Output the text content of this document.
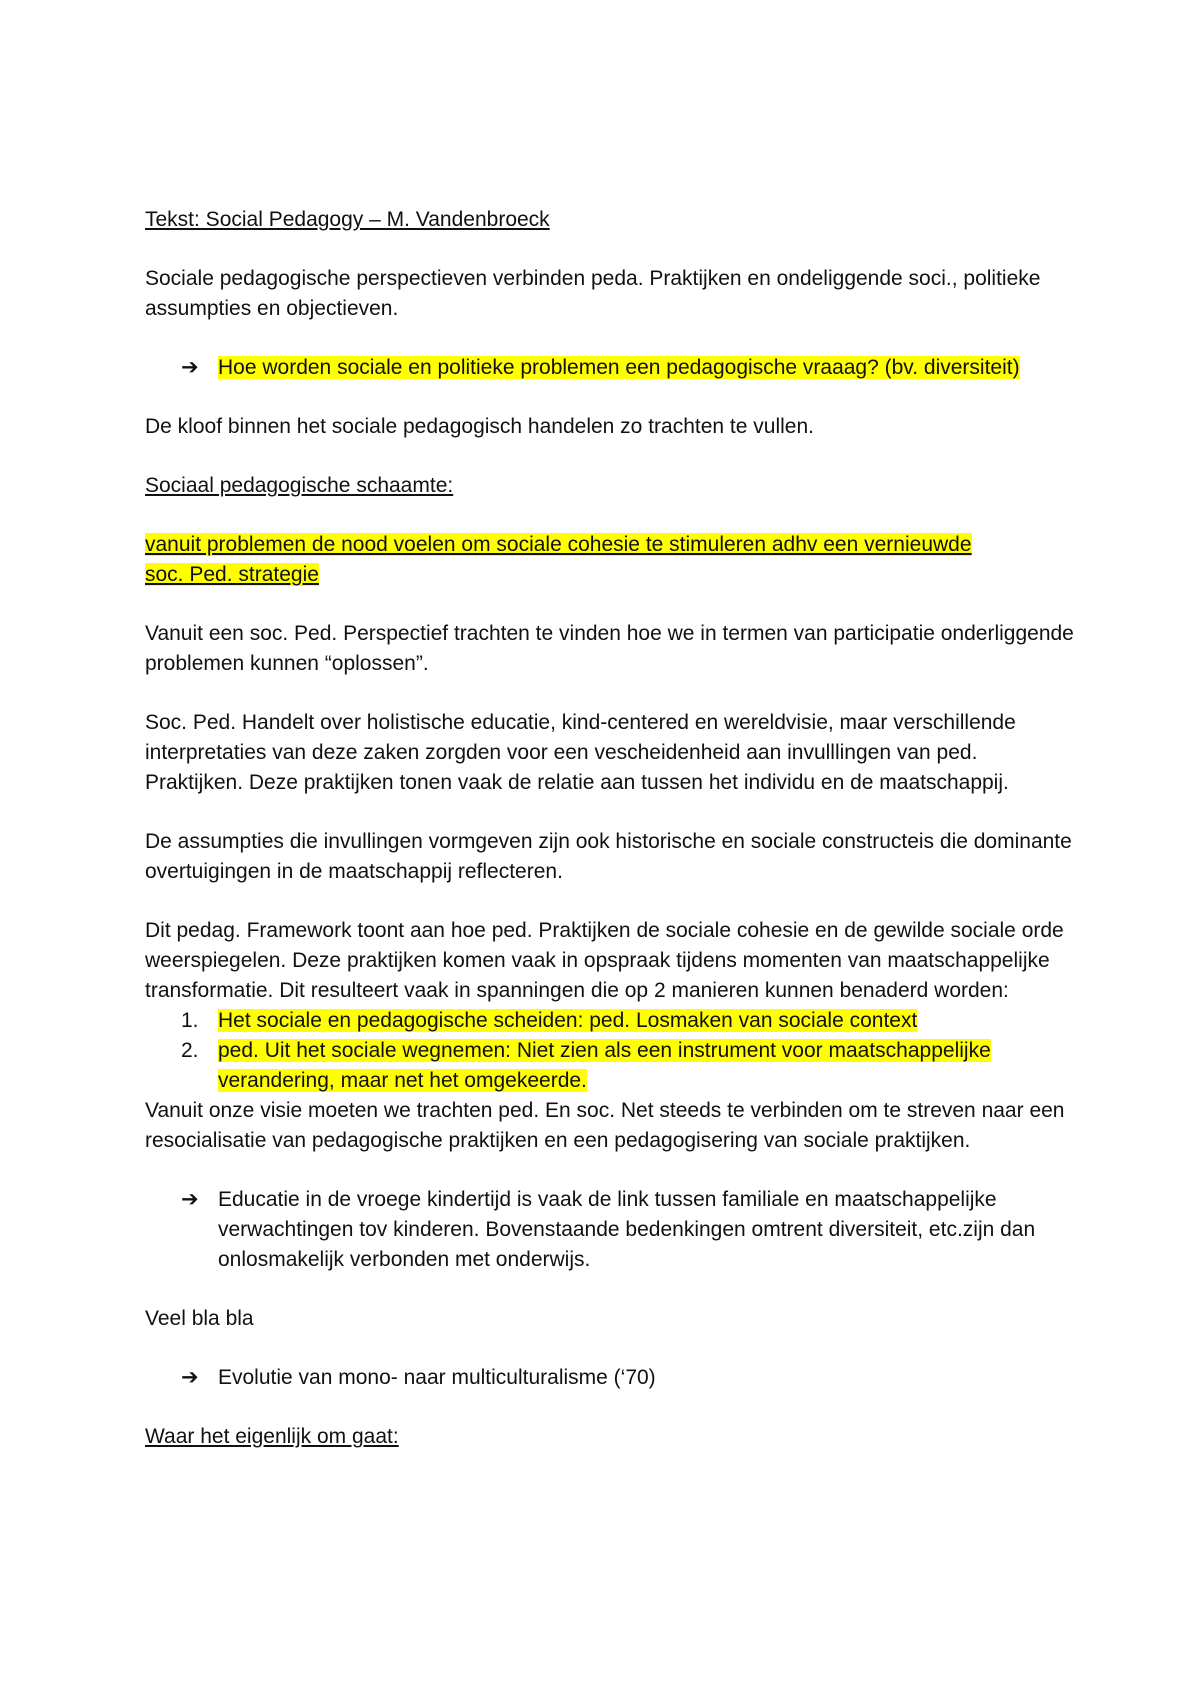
Tekst: Social Pedagogy – M. Vandenbroeck

Sociale pedagogische perspectieven verbinden peda. Praktijken en ondeliggende soci., politieke assumpties en objectieven.

➔ Hoe worden sociale en politieke problemen een pedagogische vraaag? (bv. diversiteit)

De kloof binnen het sociale pedagogisch handelen zo trachten te vullen.

Sociaal pedagogische schaamte:

vanuit problemen de nood voelen om sociale cohesie te stimuleren adhv een vernieuwde
soc. Ped. strategie

Vanuit een soc. Ped. Perspectief trachten te vinden hoe we in termen van participatie onderliggende problemen kunnen “oplossen”.

Soc. Ped. Handelt over holistische educatie, kind-centered en wereldvisie, maar verschillende interpretaties van deze zaken zorgden voor een vescheidenheid aan invulllingen van ped. Praktijken. Deze praktijken tonen vaak de relatie aan tussen het individu en de maatschappij.

De assumpties die invullingen vormgeven zijn ook historische en sociale constructeis die dominante overtuigingen in de maatschappij reflecteren.

Dit pedag. Framework toont aan hoe ped. Praktijken de sociale cohesie en de gewilde sociale orde weerspiegelen. Deze praktijken komen vaak in opspraak tijdens momenten van maatschappelijke transformatie. Dit resulteert vaak in spanningen die op 2 manieren kunnen benaderd worden:

1. Het sociale en pedagogische scheiden: ped. Losmaken van sociale context
2. ped. Uit het sociale wegnemen: Niet zien als een instrument voor maatschappelijke verandering, maar net het omgekeerde.

Vanuit onze visie moeten we trachten ped. En soc. Net steeds te verbinden om te streven naar een resocialisatie van pedagogische praktijken en een pedagogisering van sociale praktijken.

➔ Educatie in de vroege kindertijd is vaak de link tussen familiale en maatschappelijke verwachtingen tov kinderen. Bovenstaande bedenkingen omtrent diversiteit, etc.zijn dan onlosmakelijk verbonden met onderwijs.

Veel bla bla

➔ Evolutie van mono- naar multiculturalisme (‘70)

Waar het eigenlijk om gaat:
